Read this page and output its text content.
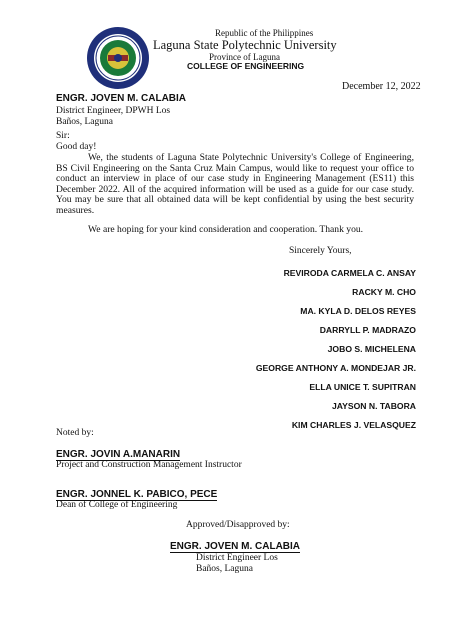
Republic of the Philippines
Laguna State Polytechnic University
Province of Laguna
COLLEGE OF ENGINEERING
December 12, 2022
ENGR. JOVEN M. CALABIA
District Engineer, DPWH Los
Baños, Laguna
Sir:
Good day!
We, the students of Laguna State Polytechnic University's College of Engineering, BS Civil Engineering on the Santa Cruz Main Campus, would like to request your office to conduct an interview in place of our case study in Engineering Management (ES11) this December 2022. All of the acquired information will be used as a guide for our case study. You may be sure that all obtained data will be kept confidential by using the best security measures.
We are hoping for your kind consideration and cooperation. Thank you.
Sincerely Yours,
REVIRODA CARMELA C. ANSAY
RACKY M. CHO
MA. KYLA D. DELOS REYES
DARRYLL P. MADRAZO
JOBO S. MICHELENA
GEORGE ANTHONY A. MONDEJAR JR.
ELLA UNICE T. SUPITRAN
JAYSON N. TABORA
KIM CHARLES J. VELASQUEZ
Noted by:
ENGR. JOVIN A.MANARIN
Project and Construction Management Instructor
ENGR. JONNEL K. PABICO, PECE
Dean of College of Engineering
Approved/Disapproved by:
ENGR. JOVEN M. CALABIA
District Engineer Los
Baños, Laguna
